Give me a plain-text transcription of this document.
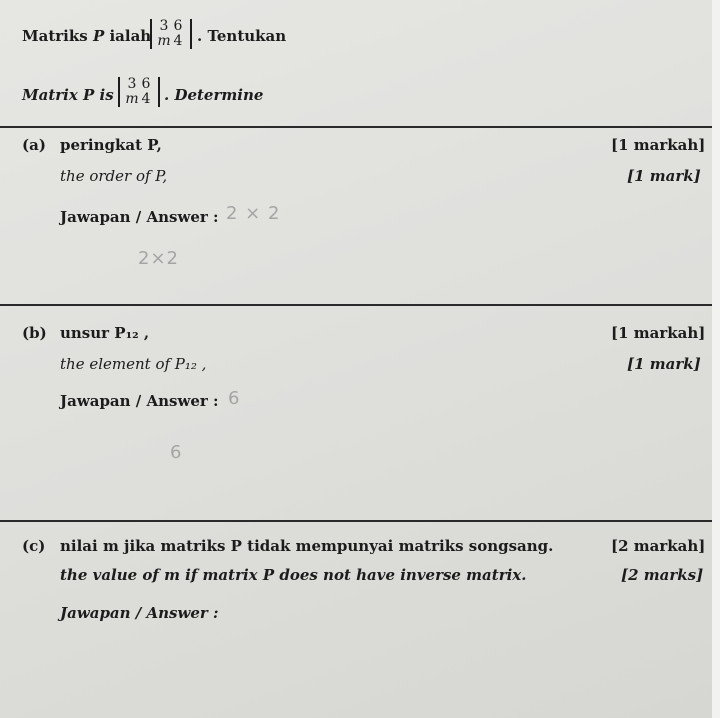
Matriks P ialah
3 6
m 4 . Tentukan
Matrix P is
3 6
m 4 . Determine
(a) peringkat P,	[1 markah]
the order of P,	[1 mark]
Jawapan / Answer : 2 × 2
2×2
(b) unsur P₁₂ ,	[1 markah]
the element of P₁₂ ,	[1 mark]
Jawapan / Answer : 6
6
(c) nilai m jika matriks P tidak mempunyai matriks songsang.	[2 markah]
the value of m if matrix P does not have inverse matrix.	[2 marks]
Jawapan / Answer :
